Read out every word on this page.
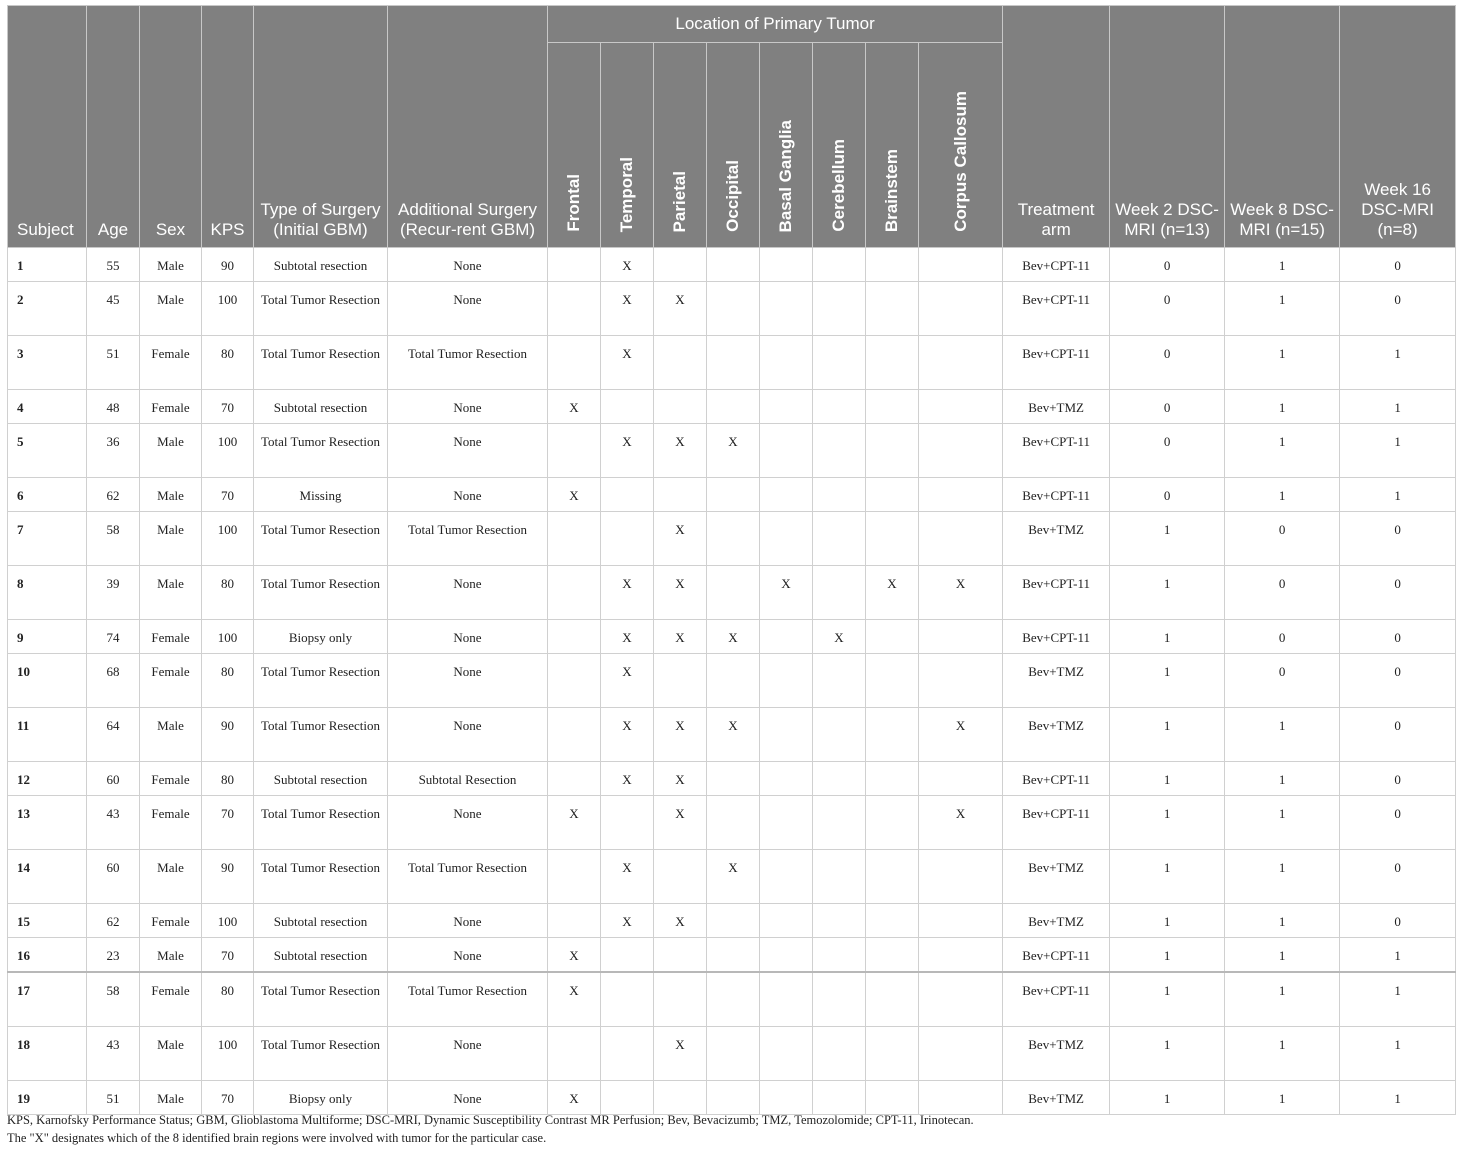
Subject	Age	Sex	KPS	Type of Surgery (Initial GBM)	Additional Surgery (Recur-rent GBM)	Location of Primary Tumor								Treatment arm	Week 2 DSC-MRI (n=13)	Week 8 DSC-MRI (n=15)	Week 16 DSC-MRI (n=8)
						Frontal	Temporal	Parietal	Occipital	Basal Ganglia	Cerebellum	Brainstem	Corpus Callosum				
1	55	Male	90	Subtotal resection	None		X							Bev+CPT-11	0	1	0
2	45	Male	100	Total Tumor Resection	None		X	X						Bev+CPT-11	0	1	0
3	51	Female	80	Total Tumor Resection	Total Tumor Resection		X							Bev+CPT-11	0	1	1
4	48	Female	70	Subtotal resection	None	X								Bev+TMZ	0	1	1
5	36	Male	100	Total Tumor Resection	None		X	X	X					Bev+CPT-11	0	1	1
6	62	Male	70	Missing	None	X								Bev+CPT-11	0	1	1
7	58	Male	100	Total Tumor Resection	Total Tumor Resection			X						Bev+TMZ	1	0	0
8	39	Male	80	Total Tumor Resection	None		X	X		X		X	X	Bev+CPT-11	1	0	0
9	74	Female	100	Biopsy only	None		X	X	X		X			Bev+CPT-11	1	0	0
10	68	Female	80	Total Tumor Resection	None		X							Bev+TMZ	1	0	0
11	64	Male	90	Total Tumor Resection	None		X	X	X				X	Bev+TMZ	1	1	0
12	60	Female	80	Subtotal resection	Subtotal Resection		X	X						Bev+CPT-11	1	1	0
13	43	Female	70	Total Tumor Resection	None	X		X					X	Bev+CPT-11	1	1	0
14	60	Male	90	Total Tumor Resection	Total Tumor Resection		X		X					Bev+TMZ	1	1	0
15	62	Female	100	Subtotal resection	None		X	X						Bev+TMZ	1	1	0
16	23	Male	70	Subtotal resection	None	X								Bev+CPT-11	1	1	1
17	58	Female	80	Total Tumor Resection	Total Tumor Resection	X								Bev+CPT-11	1	1	1
18	43	Male	100	Total Tumor Resection	None			X						Bev+TMZ	1	1	1
19	51	Male	70	Biopsy only	None	X								Bev+TMZ	1	1	1
KPS, Karnofsky Performance Status; GBM, Glioblastoma Multiforme; DSC-MRI, Dynamic Susceptibility Contrast MR Perfusion; Bev, Bevacizumb; TMZ, Temozolomide; CPT-11, Irinotecan.
The "X" designates which of the 8 identified brain regions were involved with tumor for the particular case.
